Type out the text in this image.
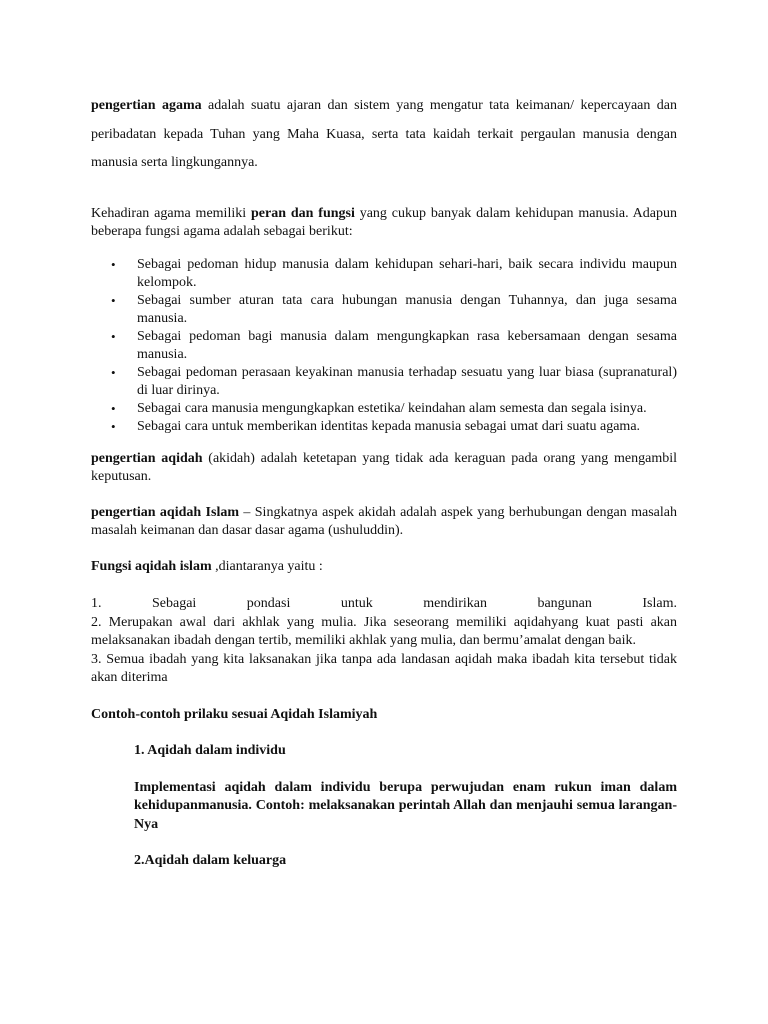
pengertian agama adalah suatu ajaran dan sistem yang mengatur tata keimanan/ kepercayaan dan peribadatan kepada Tuhan yang Maha Kuasa, serta tata kaidah terkait pergaulan manusia dengan manusia serta lingkungannya.

Kehadiran agama memiliki peran dan fungsi yang cukup banyak dalam kehidupan manusia. Adapun beberapa fungsi agama adalah sebagai berikut:

• Sebagai pedoman hidup manusia dalam kehidupan sehari-hari, baik secara individu maupun kelompok.
• Sebagai sumber aturan tata cara hubungan manusia dengan Tuhannya, dan juga sesama manusia.
• Sebagai pedoman bagi manusia dalam mengungkapkan rasa kebersamaan dengan sesama manusia.
• Sebagai pedoman perasaan keyakinan manusia terhadap sesuatu yang luar biasa (supranatural) di luar dirinya.
• Sebagai cara manusia mengungkapkan estetika/ keindahan alam semesta dan segala isinya.
• Sebagai cara untuk memberikan identitas kepada manusia sebagai umat dari suatu agama.

pengertian aqidah (akidah) adalah ketetapan yang tidak ada keraguan pada orang yang mengambil keputusan.

pengertian aqidah Islam – Singkatnya aspek akidah adalah aspek yang berhubungan dengan masalah masalah keimanan dan dasar dasar agama (ushuluddin).

Fungsi aqidah islam ,diantaranya yaitu :

1.	Sebagai	pondasi	untuk	mendirikan	bangunan	Islam.

2. Merupakan awal dari akhlak yang mulia. Jika seseorang memiliki aqidahyang kuat pasti akan melaksanakan ibadah dengan tertib, memiliki akhlak yang mulia, dan bermu’amalat dengan baik.

3. Semua ibadah yang kita laksanakan jika tanpa ada landasan aqidah maka ibadah kita tersebut tidak akan diterima

Contoh-contoh prilaku sesuai Aqidah Islamiyah

1. Aqidah dalam individu

Implementasi aqidah dalam individu berupa perwujudan enam rukun iman dalam kehidupanmanusia. Contoh: melaksanakan perintah Allah dan menjauhi semua larangan-Nya

2.Aqidah dalam keluarga
